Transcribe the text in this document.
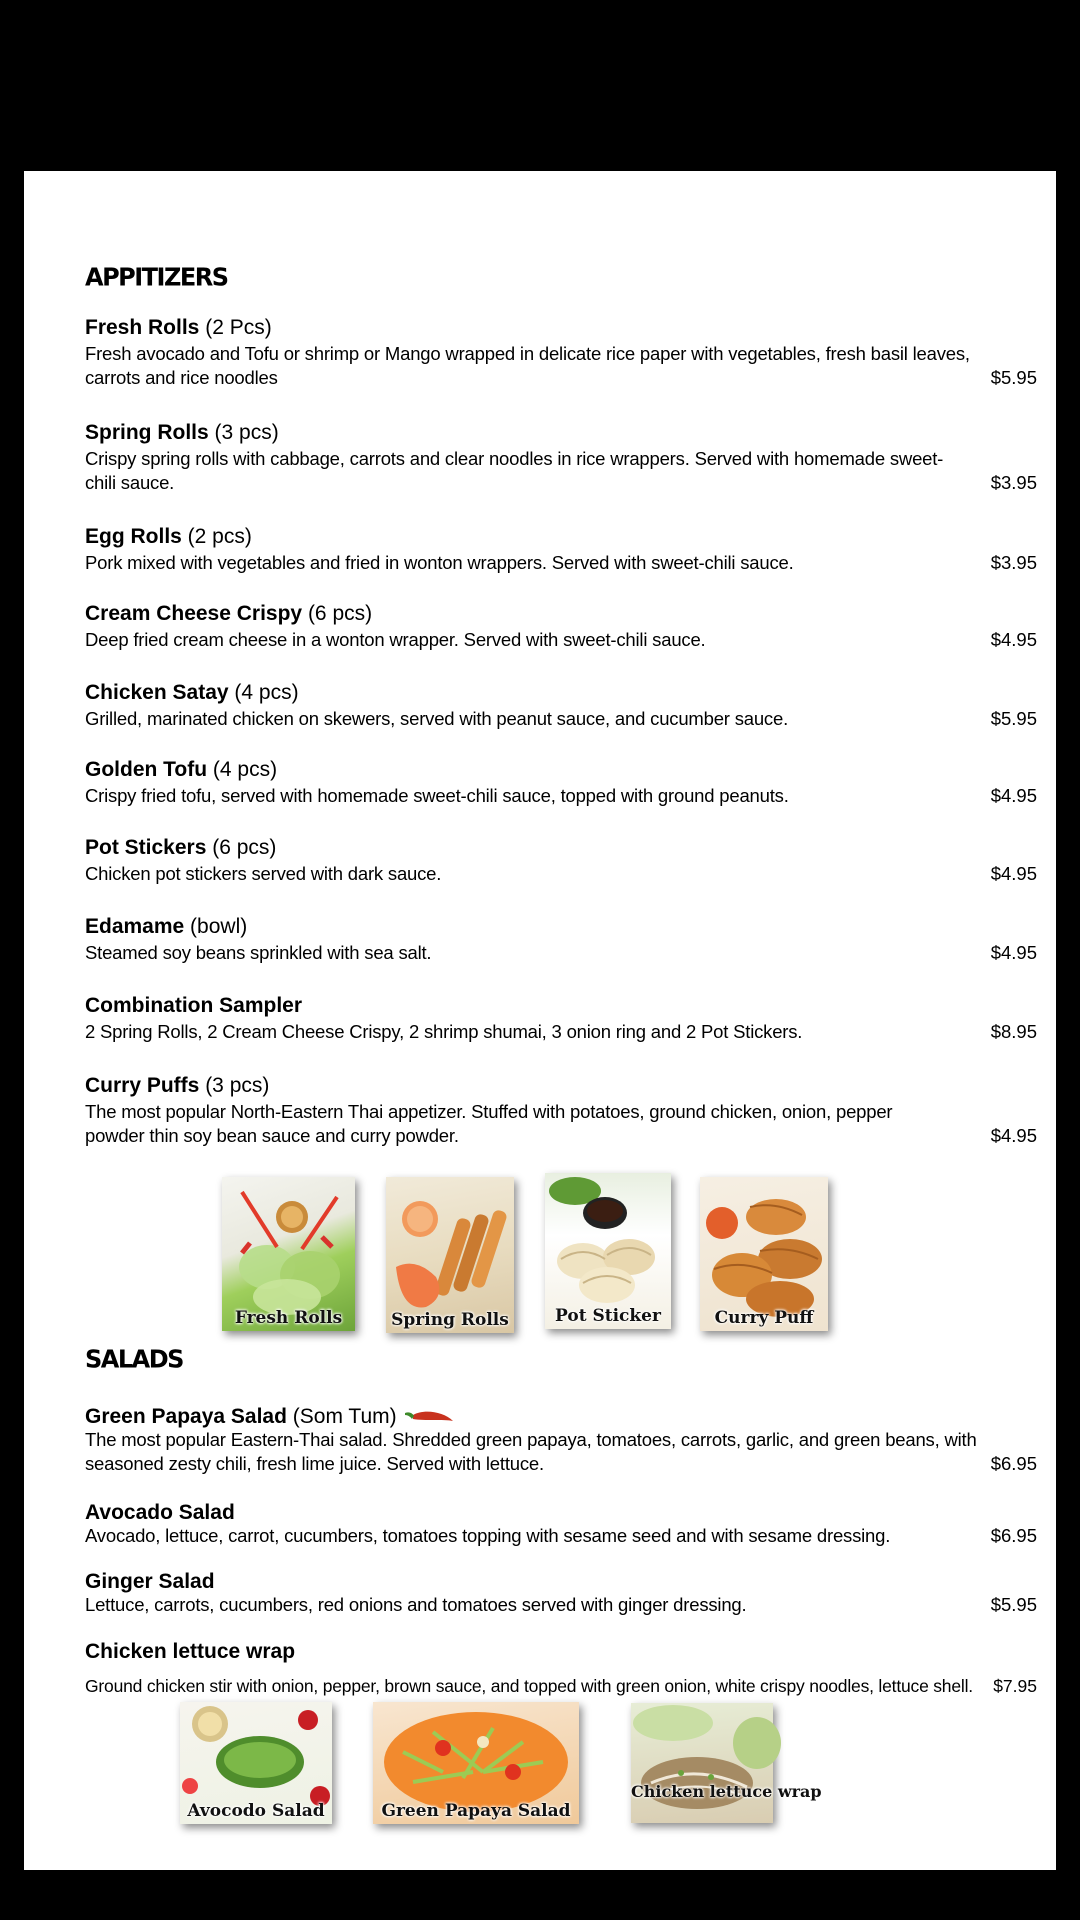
APPITIZERS
Fresh Rolls (2 Pcs)
Fresh avocado and Tofu or shrimp or Mango wrapped in delicate rice paper with vegetables, fresh basil leaves, carrots and rice noodles	$5.95
Spring Rolls (3 pcs)
Crispy spring rolls with cabbage, carrots and clear noodles in rice wrappers. Served with homemade sweet-chili sauce.	$3.95
Egg Rolls (2 pcs)
Pork mixed with vegetables and fried in wonton wrappers. Served with sweet-chili sauce.	$3.95
Cream Cheese Crispy (6 pcs)
Deep fried cream cheese in a wonton wrapper. Served with sweet-chili sauce.	$4.95
Chicken Satay (4 pcs)
Grilled, marinated chicken on skewers, served with peanut sauce, and cucumber sauce.	$5.95
Golden Tofu (4 pcs)
Crispy fried tofu, served with homemade sweet-chili sauce, topped with ground peanuts.	$4.95
Pot Stickers (6 pcs)
Chicken pot stickers served with dark sauce.	$4.95
Edamame (bowl)
Steamed soy beans sprinkled with sea salt.	$4.95
Combination Sampler
2 Spring Rolls, 2 Cream Cheese Crispy, 2 shrimp shumai, 3 onion ring and 2 Pot Stickers.	$8.95
Curry Puffs (3 pcs)
The most popular North-Eastern Thai appetizer. Stuffed with potatoes, ground chicken, onion, pepper powder thin soy bean sauce and curry powder.	$4.95
Fresh Rolls	Spring Rolls	Pot Sticker	Curry Puff
SALADS
Green Papaya Salad (Som Tum)
The most popular Eastern-Thai salad. Shredded green papaya, tomatoes, carrots, garlic, and green beans, with seasoned zesty chili, fresh lime juice. Served with lettuce.	$6.95
Avocado Salad
Avocado, lettuce, carrot, cucumbers, tomatoes topping with sesame seed and with sesame dressing.	$6.95
Ginger Salad
Lettuce, carrots, cucumbers, red onions and tomatoes served with ginger dressing.	$5.95
Chicken lettuce wrap
Ground chicken stir with onion, pepper, brown sauce, and topped with green onion, white crispy noodles, lettuce shell.	$7.95
Avocodo Salad	Green Papaya Salad
Chicken lettuce wrap
